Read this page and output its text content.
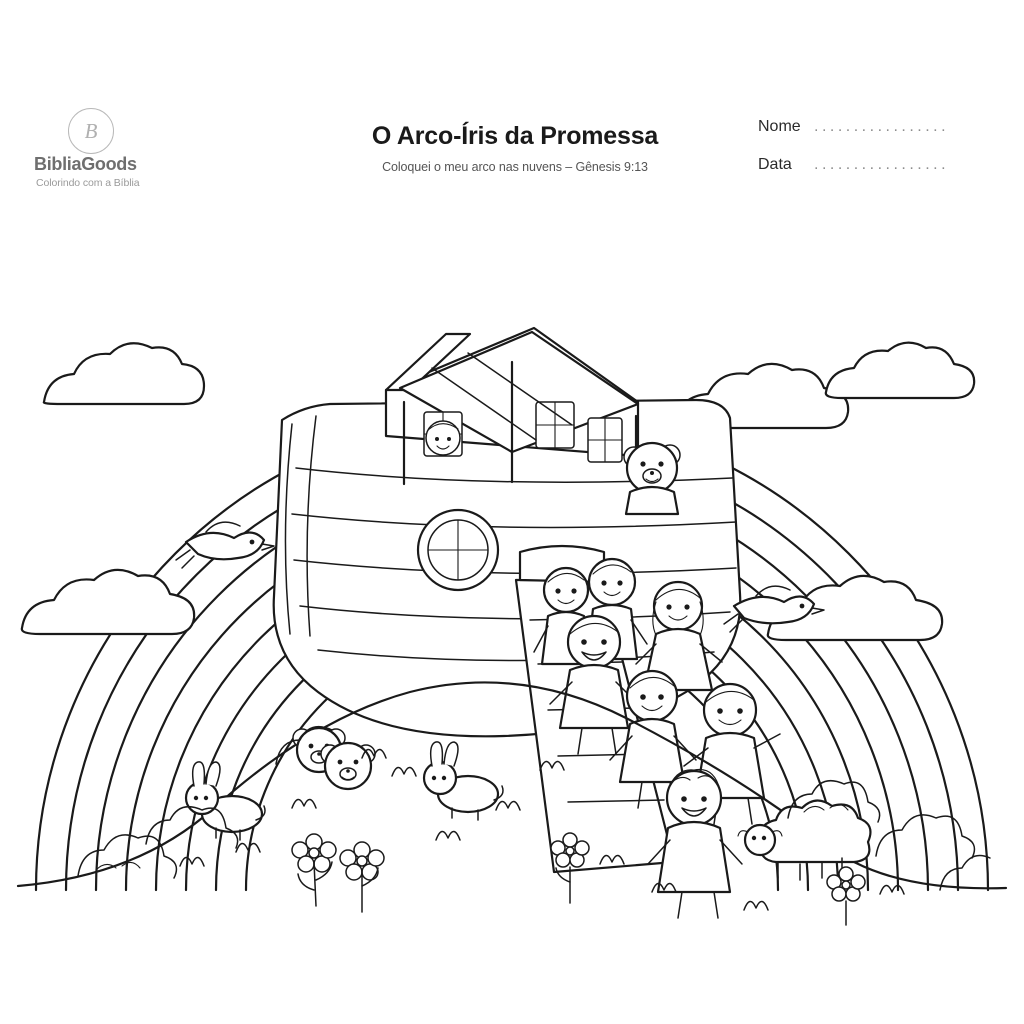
B
BibliaGoods
Colorindo com a Bíblia
O Arco-Íris da Promessa
Coloquei o meu arco nas nuvens – Gênesis 9:13
Nome .................
Data	.................
